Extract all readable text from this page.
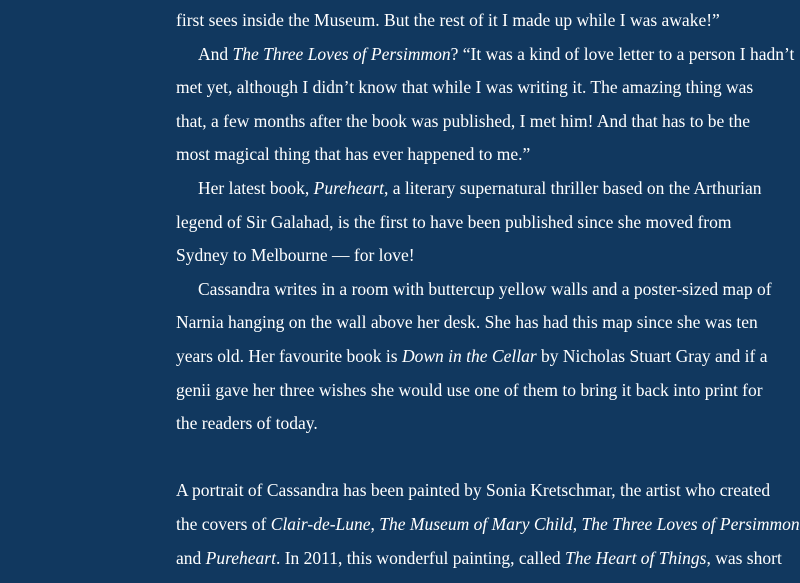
first sees inside the Museum. But the rest of it I made up while I was awake!”
And The Three Loves of Persimmon? “It was a kind of love letter to a person I hadn’t
met yet, although I didn’t know that while I was writing it. The amazing thing was
that, a few months after the book was published, I met him! And that has to be the
most magical thing that has ever happened to me.”
Her latest book, Pureheart, a literary supernatural thriller based on the Arthurian
legend of Sir Galahad, is the first to have been published since she moved from
Sydney to Melbourne — for love!
Cassandra writes in a room with buttercup yellow walls and a poster-sized map of
Narnia hanging on the wall above her desk. She has had this map since she was ten
years old. Her favourite book is Down in the Cellar by Nicholas Stuart Gray and if a
genii gave her three wishes she would use one of them to bring it back into print for
the readers of today.
A portrait of Cassandra has been painted by Sonia Kretschmar, the artist who created
the covers of Clair-de-Lune, The Museum of Mary Child, The Three Loves of Persimmon
and Pureheart. In 2011, this wonderful painting, called The Heart of Things, was short
